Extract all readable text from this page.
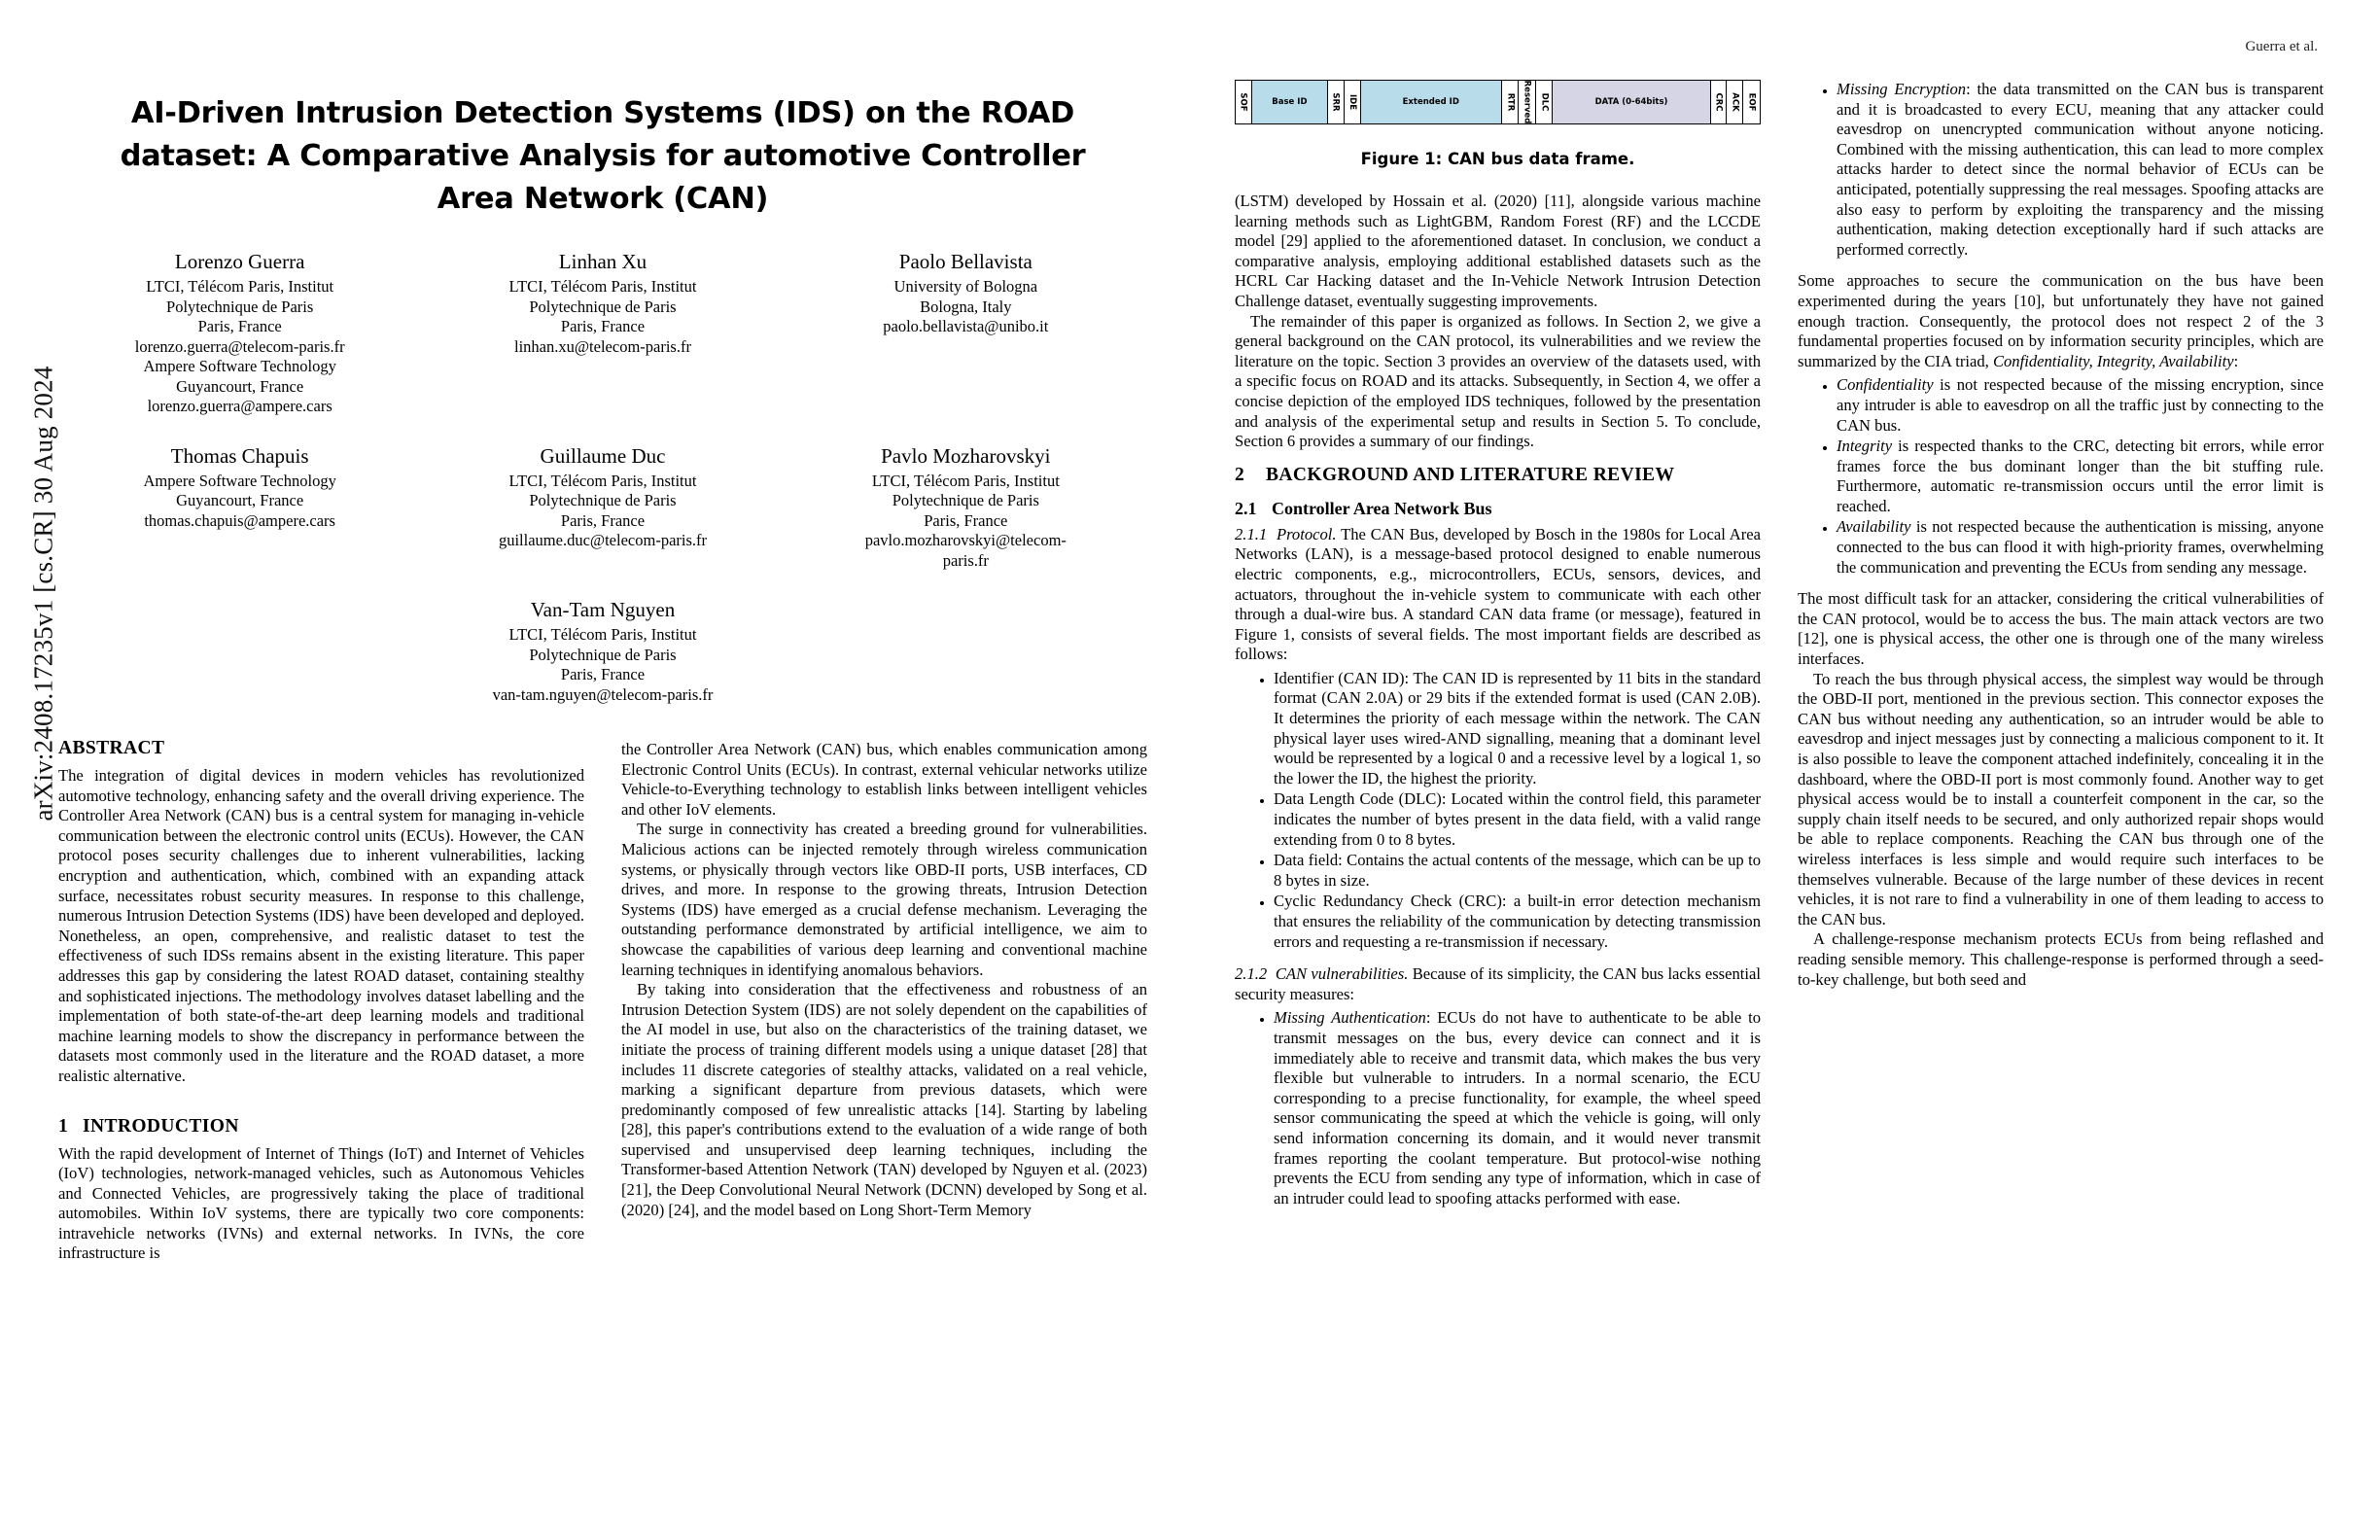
arXiv:2408.17235v1 [cs.CR] 30 Aug 2024
AI-Driven Intrusion Detection Systems (IDS) on the ROAD dataset: A Comparative Analysis for automotive Controller Area Network (CAN)
Lorenzo Guerra
LTCI, Télécom Paris, Institut
Polytechnique de Paris
Paris, France
lorenzo.guerra@telecom-paris.fr
Ampere Software Technology
Guyancourt, France
lorenzo.guerra@ampere.cars
Linhan Xu
LTCI, Télécom Paris, Institut
Polytechnique de Paris
Paris, France
linhan.xu@telecom-paris.fr
Paolo Bellavista
University of Bologna
Bologna, Italy
paolo.bellavista@unibo.it
Thomas Chapuis
Ampere Software Technology
Guyancourt, France
thomas.chapuis@ampere.cars
Guillaume Duc
LTCI, Télécom Paris, Institut
Polytechnique de Paris
Paris, France
guillaume.duc@telecom-paris.fr
Pavlo Mozharovskyi
LTCI, Télécom Paris, Institut
Polytechnique de Paris
Paris, France
pavlo.mozharovskyi@telecom-
paris.fr
Van-Tam Nguyen
LTCI, Télécom Paris, Institut
Polytechnique de Paris
Paris, France
van-tam.nguyen@telecom-paris.fr
ABSTRACT

The integration of digital devices in modern vehicles has revolutionized automotive technology, enhancing safety and the overall driving experience. The Controller Area Network (CAN) bus is a central system for managing in-vehicle communication between the electronic control units (ECUs). However, the CAN protocol poses security challenges due to inherent vulnerabilities, lacking encryption and authentication, which, combined with an expanding attack surface, necessitates robust security measures. In response to this challenge, numerous Intrusion Detection Systems (IDS) have been developed and deployed. Nonetheless, an open, comprehensive, and realistic dataset to test the effectiveness of such IDSs remains absent in the existing literature. This paper addresses this gap by considering the latest ROAD dataset, containing stealthy and sophisticated injections. The methodology involves dataset labelling and the implementation of both state-of-the-art deep learning models and traditional machine learning models to show the discrepancy in performance between the datasets most commonly used in the literature and the ROAD dataset, a more realistic alternative.

1 INTRODUCTION

With the rapid development of Internet of Things (IoT) and Internet of Vehicles (IoV) technologies, network-managed vehicles, such as Autonomous Vehicles and Connected Vehicles, are progressively taking the place of traditional automobiles. Within IoV systems, there are typically two core components: intravehicle networks (IVNs) and external networks. In IVNs, the core infrastructure is

the Controller Area Network (CAN) bus, which enables communication among Electronic Control Units (ECUs). In contrast, external vehicular networks utilize Vehicle-to-Everything technology to establish links between intelligent vehicles and other IoV elements.

The surge in connectivity has created a breeding ground for vulnerabilities. Malicious actions can be injected remotely through wireless communication systems, or physically through vectors like OBD-II ports, USB interfaces, CD drives, and more. In response to the growing threats, Intrusion Detection Systems (IDS) have emerged as a crucial defense mechanism. Leveraging the outstanding performance demonstrated by artificial intelligence, we aim to showcase the capabilities of various deep learning and conventional machine learning techniques in identifying anomalous behaviors.

By taking into consideration that the effectiveness and robustness of an Intrusion Detection System (IDS) are not solely dependent on the capabilities of the AI model in use, but also on the characteristics of the training dataset, we initiate the process of training different models using a unique dataset [28] that includes 11 discrete categories of stealthy attacks, validated on a real vehicle, marking a significant departure from previous datasets, which were predominantly composed of few unrealistic attacks [14]. Starting by labeling [28], this paper's contributions extend to the evaluation of a wide range of both supervised and unsupervised deep learning techniques, including the Transformer-based Attention Network (TAN) developed by Nguyen et al. (2023) [21], the Deep Convolutional Neural Network (DCNN) developed by Song et al. (2020) [24], and the model based on Long Short-Term Memory

Guerra et al.
SOF	Base ID	SRR IDE	Extended ID	RTR Reserved DLC	DATA (0-64bits)	CRC ACK EOF
Figure 1: CAN bus data frame.

(LSTM) developed by Hossain et al. (2020) [11], alongside various machine learning methods such as LightGBM, Random Forest (RF) and the LCCDE model [29] applied to the aforementioned dataset. In conclusion, we conduct a comparative analysis, employing additional established datasets such as the HCRL Car Hacking dataset and the In-Vehicle Network Intrusion Detection Challenge dataset, eventually suggesting improvements.

The remainder of this paper is organized as follows. In Section 2, we give a general background on the CAN protocol, its vulnerabilities and we review the literature on the topic. Section 3 provides an overview of the datasets used, with a specific focus on ROAD and its attacks. Subsequently, in Section 4, we offer a concise depiction of the employed IDS techniques, followed by the presentation and analysis of the experimental setup and results in Section 5. To conclude, Section 6 provides a summary of our findings.

2 BACKGROUND AND LITERATURE REVIEW
2.1 Controller Area Network Bus

2.1.1 Protocol. The CAN Bus, developed by Bosch in the 1980s for Local Area Networks (LAN), is a message-based protocol designed to enable numerous electric components, e.g., microcontrollers, ECUs, sensors, devices, and actuators, throughout the in-vehicle system to communicate with each other through a dual-wire bus. A standard CAN data frame (or message), featured in Figure 1, consists of several fields. The most important fields are described as follows:

• Identifier (CAN ID): The CAN ID is represented by 11 bits in the standard format (CAN 2.0A) or 29 bits if the extended format is used (CAN 2.0B). It determines the priority of each message within the network. The CAN physical layer uses wired-AND signalling, meaning that a dominant level would be represented by a logical 0 and a recessive level by a logical 1, so the lower the ID, the highest the priority.
• Data Length Code (DLC): Located within the control field, this parameter indicates the number of bytes present in the data field, with a valid range extending from 0 to 8 bytes.
• Data field: Contains the actual contents of the message, which can be up to 8 bytes in size.
• Cyclic Redundancy Check (CRC): a built-in error detection mechanism that ensures the reliability of the communication by detecting transmission errors and requesting a re-transmission if necessary.

2.1.2 CAN vulnerabilities. Because of its simplicity, the CAN bus lacks essential security measures:

• Missing Authentication: ECUs do not have to authenticate to be able to transmit messages on the bus, every device can connect and it is immediately able to receive and transmit data, which makes the bus very flexible but vulnerable to intruders. In a normal scenario, the ECU corresponding to a precise functionality, for example, the wheel speed sensor communicating the speed at which the vehicle is going, will only send information concerning its domain, and it would never transmit frames reporting the coolant temperature. But protocol-wise nothing prevents the ECU from sending any type of information, which in case of an intruder could lead to spoofing attacks performed with ease.
• Missing Encryption: the data transmitted on the CAN bus is transparent and it is broadcasted to every ECU, meaning that any attacker could eavesdrop on unencrypted communication without anyone noticing. Combined with the missing authentication, this can lead to more complex attacks harder to detect since the normal behavior of ECUs can be anticipated, potentially suppressing the real messages. Spoofing attacks are also easy to perform by exploiting the transparency and the missing authentication, making detection exceptionally hard if such attacks are performed correctly.

Some approaches to secure the communication on the bus have been experimented during the years [10], but unfortunately they have not gained enough traction. Consequently, the protocol does not respect 2 of the 3 fundamental properties focused on by information security principles, which are summarized by the CIA triad, Confidentiality, Integrity, Availability:

• Confidentiality is not respected because of the missing encryption, since any intruder is able to eavesdrop on all the traffic just by connecting to the CAN bus.
• Integrity is respected thanks to the CRC, detecting bit errors, while error frames force the bus dominant longer than the bit stuffing rule. Furthermore, automatic re-transmission occurs until the error limit is reached.
• Availability is not respected because the authentication is missing, anyone connected to the bus can flood it with high-priority frames, overwhelming the communication and preventing the ECUs from sending any message.

The most difficult task for an attacker, considering the critical vulnerabilities of the CAN protocol, would be to access the bus. The main attack vectors are two [12], one is physical access, the other one is through one of the many wireless interfaces.

To reach the bus through physical access, the simplest way would be through the OBD-II port, mentioned in the previous section. This connector exposes the CAN bus without needing any authentication, so an intruder would be able to eavesdrop and inject messages just by connecting a malicious component to it. It is also possible to leave the component attached indefinitely, concealing it in the dashboard, where the OBD-II port is most commonly found. Another way to get physical access would be to install a counterfeit component in the car, so the supply chain itself needs to be secured, and only authorized repair shops would be able to replace components. Reaching the CAN bus through one of the wireless interfaces is less simple and would require such interfaces to be themselves vulnerable. Because of the large number of these devices in recent vehicles, it is not rare to find a vulnerability in one of them leading to access to the CAN bus.

A challenge-response mechanism protects ECUs from being reflashed and reading sensible memory. This challenge-response is performed through a seed-to-key challenge, but both seed and
